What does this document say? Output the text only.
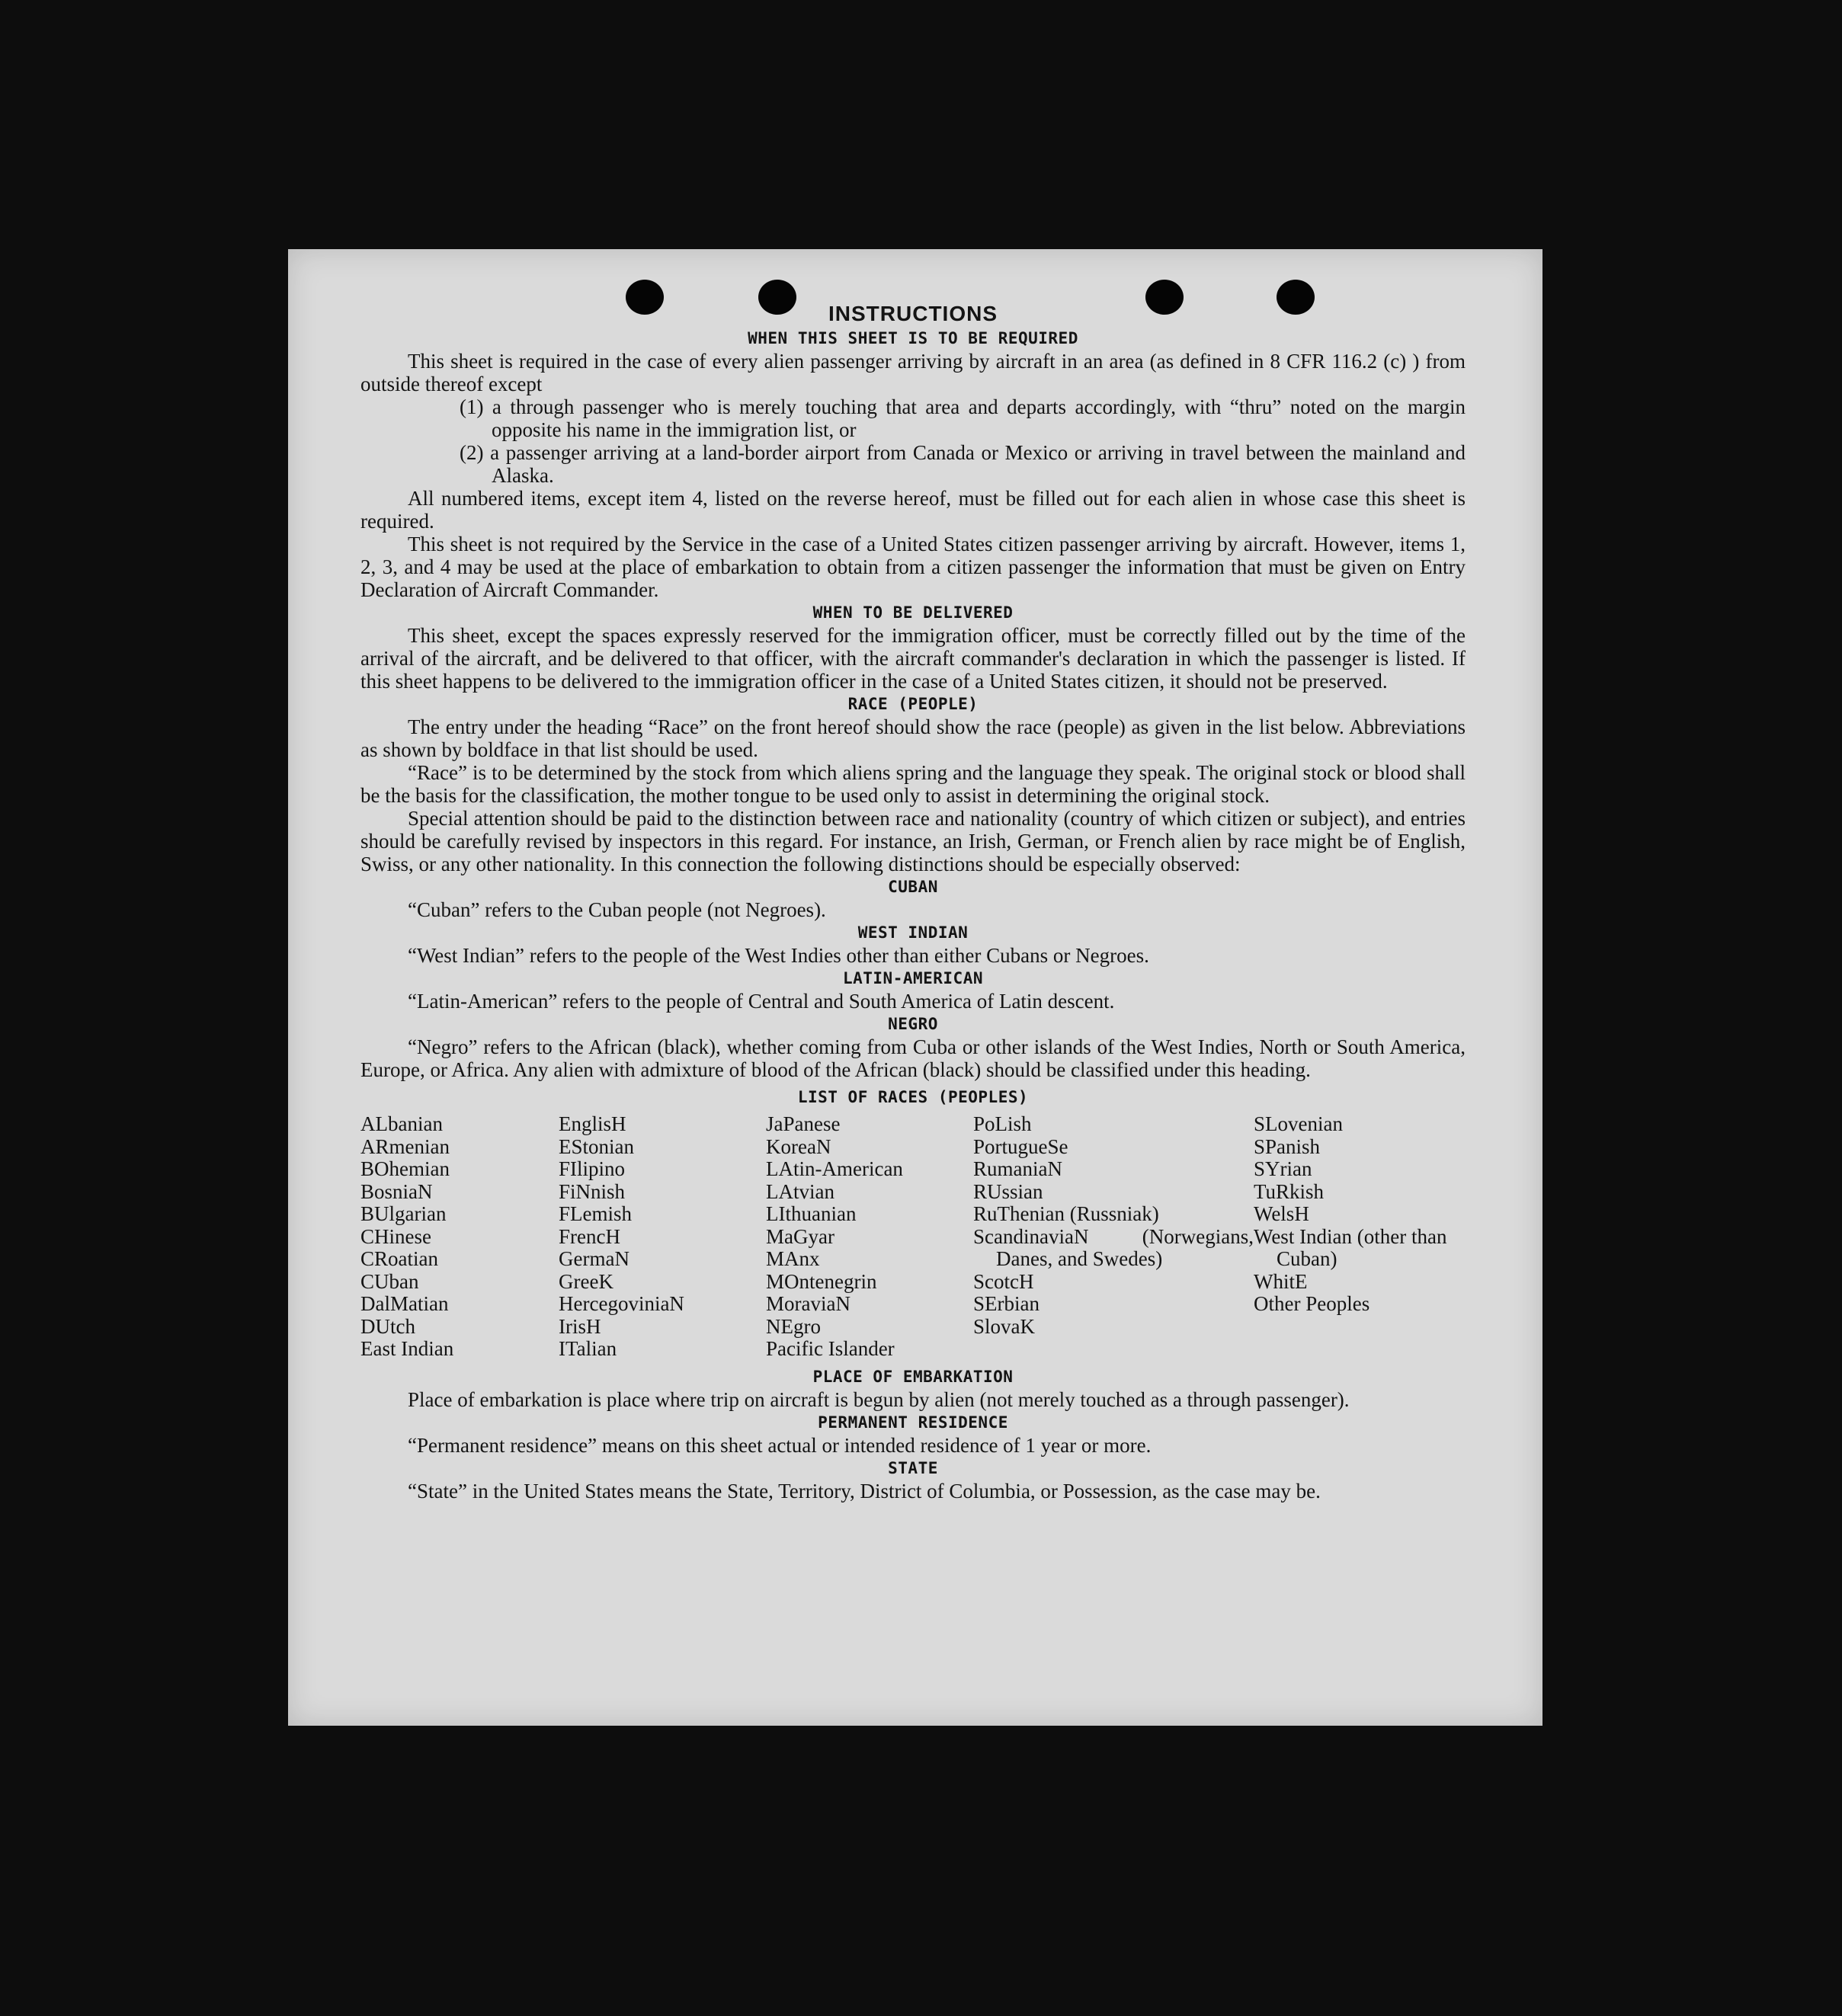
INSTRUCTIONS
WHEN THIS SHEET IS TO BE REQUIRED

This sheet is required in the case of every alien passenger arriving by aircraft in an area (as defined in 8 CFR 116.2 (c) ) from outside thereof except

(1) a through passenger who is merely touching that area and departs accordingly, with “thru” noted on the margin opposite his name in the immigration list, or

(2) a passenger arriving at a land-border airport from Canada or Mexico or arriving in travel between the mainland and Alaska.

All numbered items, except item 4, listed on the reverse hereof, must be filled out for each alien in whose case this sheet is required.

This sheet is not required by the Service in the case of a United States citizen passenger arriving by aircraft. However, items 1, 2, 3, and 4 may be used at the place of embarkation to obtain from a citizen passenger the information that must be given on Entry Declaration of Aircraft Commander.

WHEN TO BE DELIVERED

This sheet, except the spaces expressly reserved for the immigration officer, must be correctly filled out by the time of the arrival of the aircraft, and be delivered to that officer, with the aircraft commander's declaration in which the passenger is listed. If this sheet happens to be delivered to the immigration officer in the case of a United States citizen, it should not be preserved.

RACE (PEOPLE)

The entry under the heading “Race” on the front hereof should show the race (people) as given in the list below. Abbreviations as shown by boldface in that list should be used.

“Race” is to be determined by the stock from which aliens spring and the language they speak. The original stock or blood shall be the basis for the classification, the mother tongue to be used only to assist in determining the original stock.

Special attention should be paid to the distinction between race and nationality (country of which citizen or subject), and entries should be carefully revised by inspectors in this regard. For instance, an Irish, German, or French alien by race might be of English, Swiss, or any other nationality. In this connection the following distinctions should be especially observed:

CUBAN

“Cuban” refers to the Cuban people (not Negroes).

WEST INDIAN

“West Indian” refers to the people of the West Indies other than either Cubans or Negroes.

LATIN-AMERICAN

“Latin-American” refers to the people of Central and South America of Latin descent.

NEGRO

“Negro” refers to the African (black), whether coming from Cuba or other islands of the West Indies, North or South America, Europe, or Africa. Any alien with admixture of blood of the African (black) should be classified under this heading.

LIST OF RACES (PEOPLES)
ALbanian
ARmenian
BOhemian
BosniaN
BUlgarian
CHinese
CRoatian
CUban
DalMatian
DUtch
East Indian
EnglisH
EStonian
FIlipino
FiNnish
FLemish
FrencH
GermaN
GreeK
HercegoviniaN
IrisH
ITalian
JaPanese
KoreaN
LAtin-American
LAtvian
LIthuanian
MaGyar
MAnx
MOntenegrin
MoraviaN
NEgro
Pacific Islander
PoLish
PortugueSe
RumaniaN
RUssian
RuThenian (Russniak)
ScandinaviaN (Norwegians, Danes, and Swedes)
ScotcH
SErbian
SlovaK
SLovenian
SPanish
SYrian
TuRkish
WelsH
West Indian (other than Cuban)
WhitE
Other Peoples
PLACE OF EMBARKATION

Place of embarkation is place where trip on aircraft is begun by alien (not merely touched as a through passenger).

PERMANENT RESIDENCE

“Permanent residence” means on this sheet actual or intended residence of 1 year or more.

STATE

“State” in the United States means the State, Territory, District of Columbia, or Possession, as the case may be.
